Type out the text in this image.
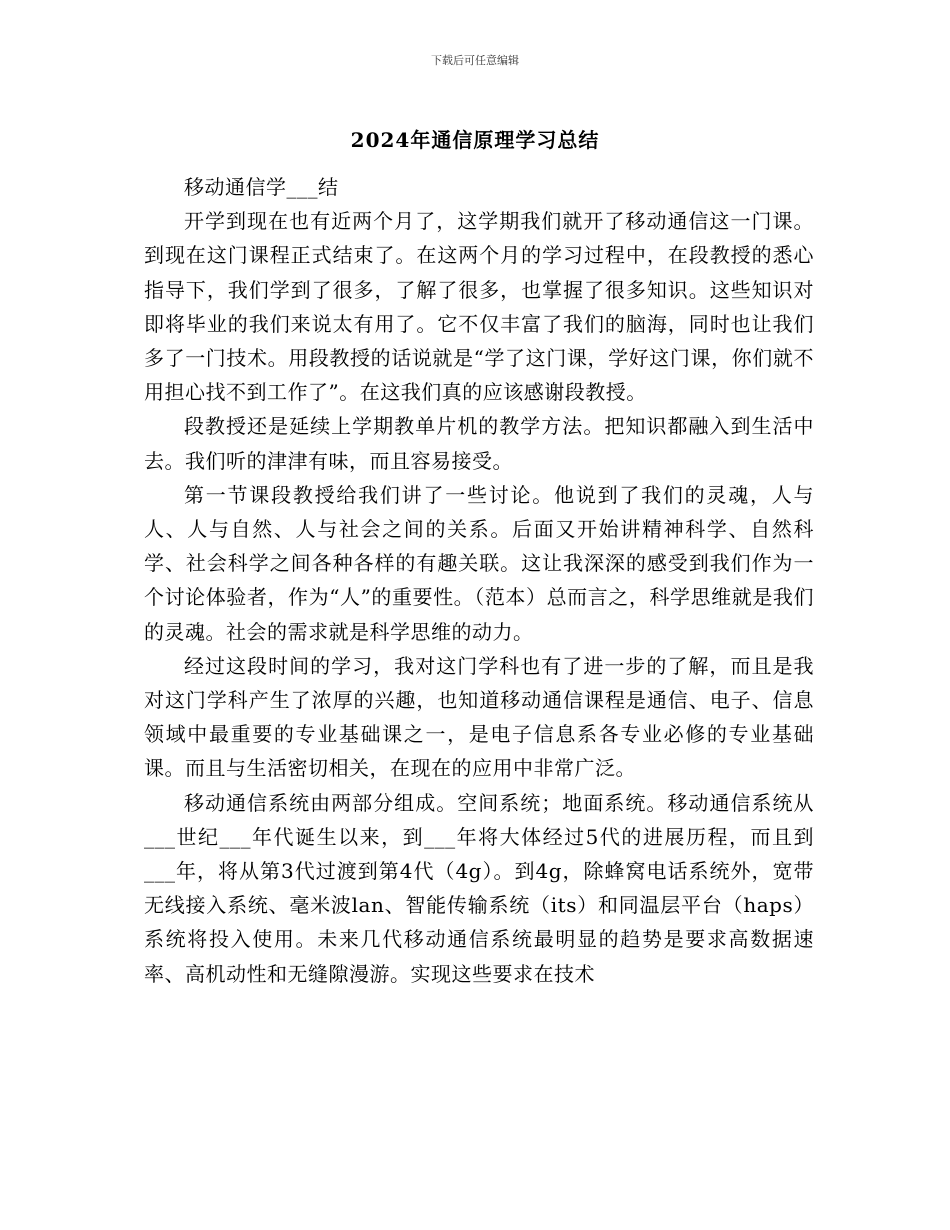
下载后可任意编辑
2024年通信原理学习总结

移动通信学___结

开学到现在也有近两个月了，这学期我们就开了移动通信这一门课。到现在这门课程正式结束了。在这两个月的学习过程中，在段教授的悉心指导下，我们学到了很多，了解了很多，也掌握了很多知识。这些知识对即将毕业的我们来说太有用了。它不仅丰富了我们的脑海，同时也让我们多了一门技术。用段教授的话说就是“学了这门课，学好这门课，你们就不用担心找不到工作了”。在这我们真的应该感谢段教授。

段教授还是延续上学期教单片机的教学方法。把知识都融入到生活中去。我们听的津津有味，而且容易接受。

第一节课段教授给我们讲了一些讨论。他说到了我们的灵魂，人与人、人与自然、人与社会之间的关系。后面又开始讲精神科学、自然科学、社会科学之间各种各样的有趣关联。这让我深深的感受到我们作为一个讨论体验者，作为“人”的重要性。（范本）总而言之，科学思维就是我们的灵魂。社会的需求就是科学思维的动力。

经过这段时间的学习，我对这门学科也有了进一步的了解，而且是我对这门学科产生了浓厚的兴趣，也知道移动通信课程是通信、电子、信息领域中最重要的专业基础课之一，是电子信息系各专业必修的专业基础课。而且与生活密切相关，在现在的应用中非常广泛。

移动通信系统由两部分组成。空间系统；地面系统。移动通信系统从___世纪___年代诞生以来，到___年将大体经过5代的进展历程，而且到___年，将从第3代过渡到第4代（4g）。到4g，除蜂窝电话系统外，宽带无线接入系统、毫米波lan、智能传输系统（its）和同温层平台（haps）系统将投入使用。未来几代移动通信系统最明显的趋势是要求高数据速率、高机动性和无缝隙漫游。实现这些要求在技术
